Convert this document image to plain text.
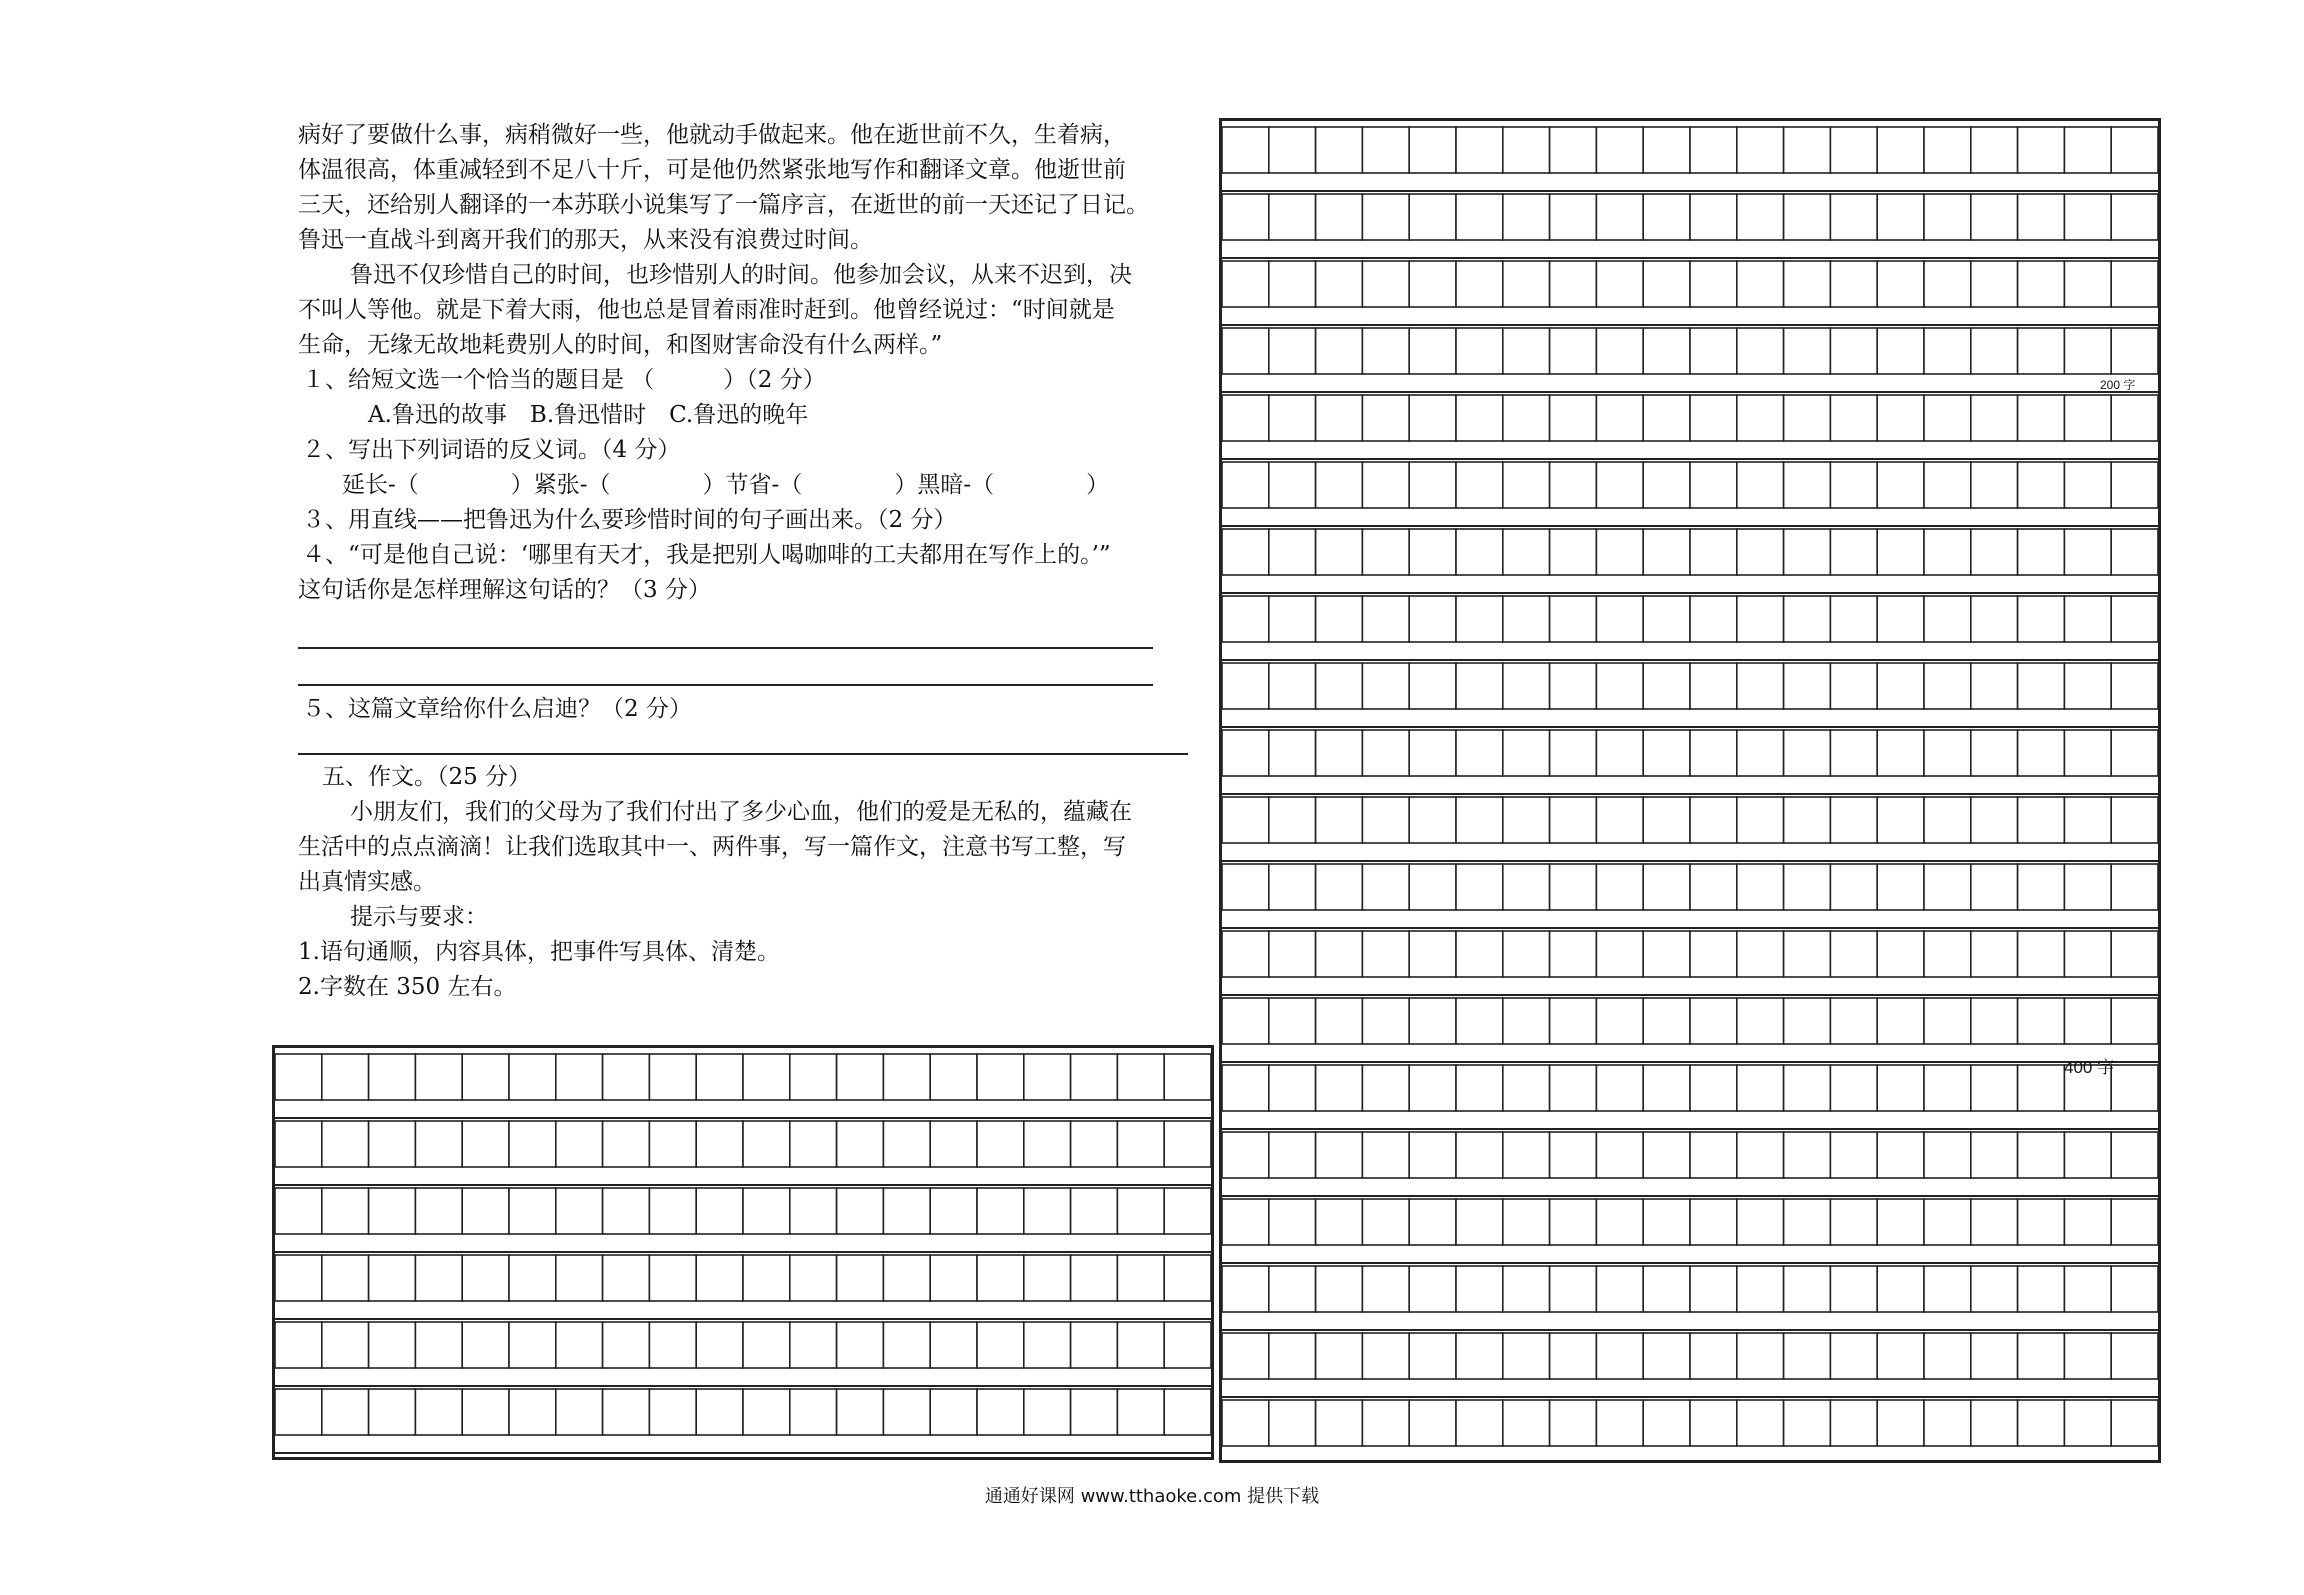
病好了要做什么事，病稍微好一些，他就动手做起来。他在逝世前不久，生着病，
体温很高，体重减轻到不足八十斤，可是他仍然紧张地写作和翻译文章。他逝世前
三天，还给别人翻译的一本苏联小说集写了一篇序言，在逝世的前一天还记了日记。
鲁迅一直战斗到离开我们的那天，从来没有浪费过时间。
鲁迅不仅珍惜自己的时间，也珍惜别人的时间。他参加会议，从来不迟到，决
不叫人等他。就是下着大雨，他也总是冒着雨准时赶到。他曾经说过：“时间就是
生命，无缘无故地耗费别人的时间，和图财害命没有什么两样。”
１、给短文选一个恰当的题目是 （　　　）（2 分）
A.鲁迅的故事　B.鲁迅惜时　C.鲁迅的晚年
２、写出下列词语的反义词。（4 分）
延长-（　　　　）紧张-（　　　　）节省-（　　　　）黑暗-（　　　　）
３、用直线——把鲁迅为什么要珍惜时间的句子画出来。（2 分）
４、“可是他自己说：‘哪里有天才，我是把别人喝咖啡的工夫都用在写作上的。’”
这句话你是怎样理解这句话的？（3 分）
５、这篇文章给你什么启迪？（2 分）
五、作文。（25 分）
小朋友们，我们的父母为了我们付出了多少心血，他们的爱是无私的，蕴藏在
生活中的点点滴滴！让我们选取其中一、两件事，写一篇作文，注意书写工整，写
出真情实感。
提示与要求：
1.语句通顺，内容具体，把事件写具体、清楚。
2.字数在 350 左右。
200 字
400 字
通通好课网 www.tthaoke.com 提供下载
